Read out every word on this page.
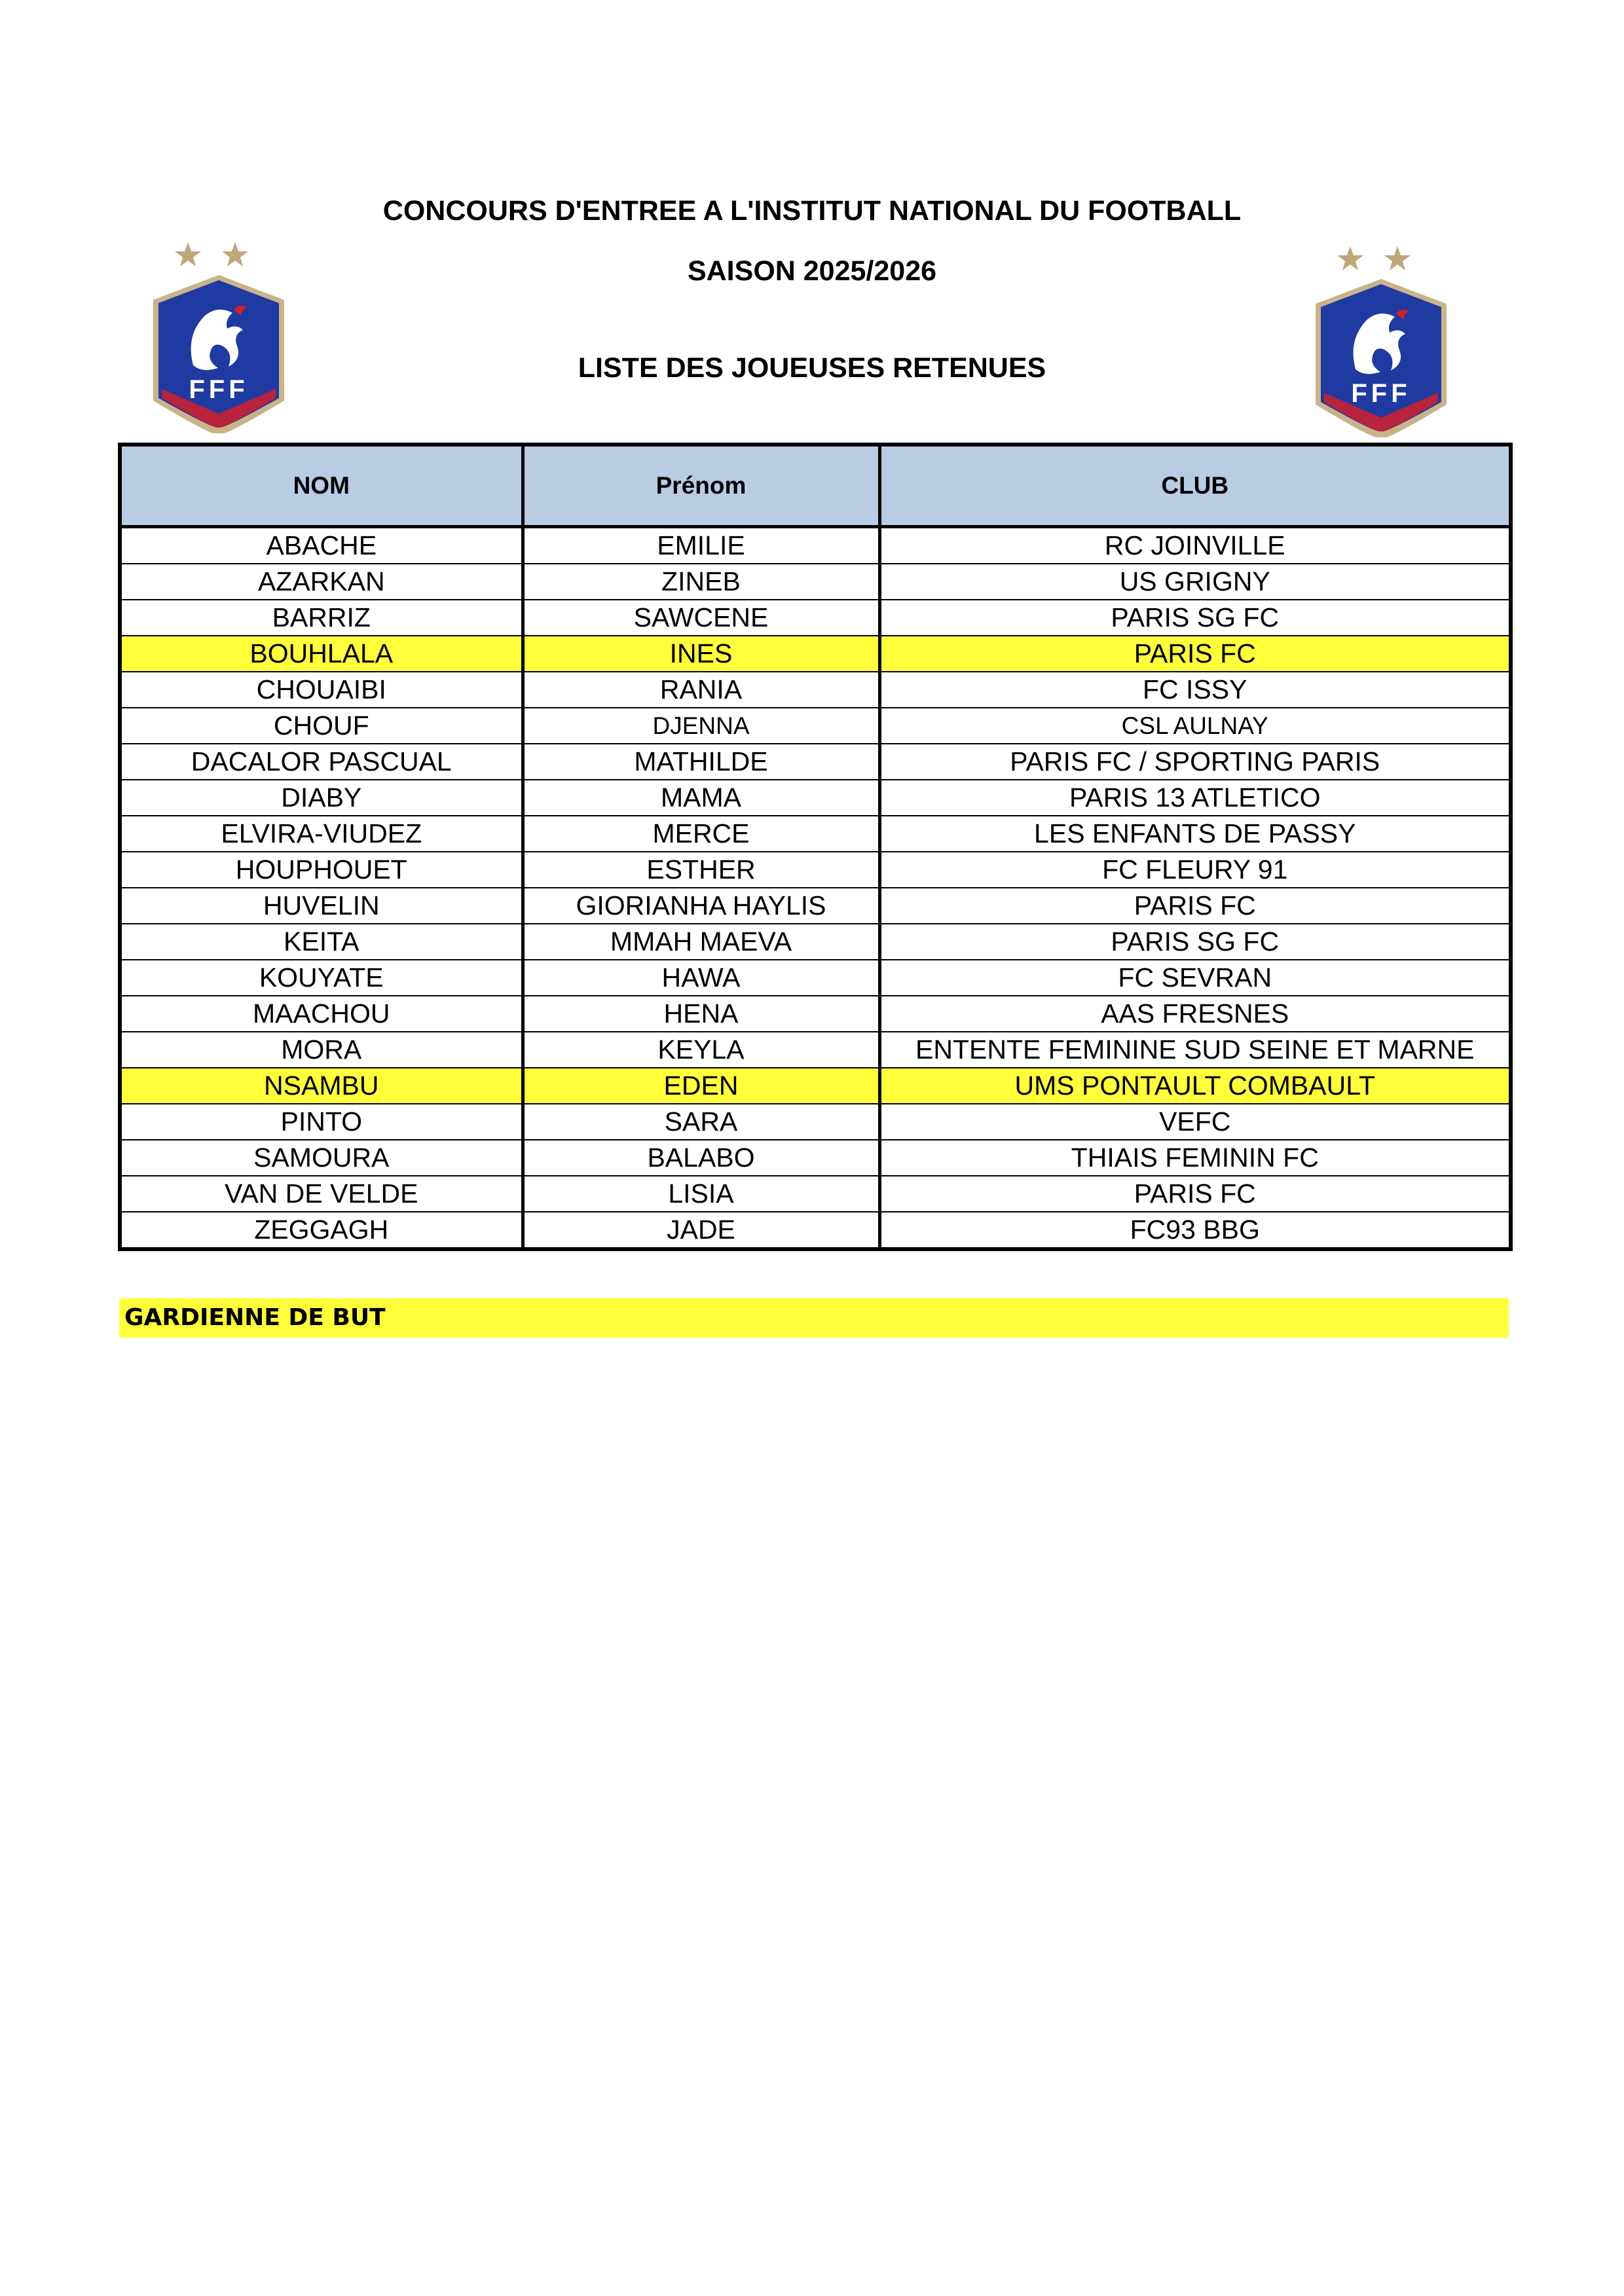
CONCOURS D'ENTREE A L'INSTITUT NATIONAL DU FOOTBALL
SAISON 2025/2026
LISTE DES JOUEUSES RETENUES
FFF	FFF
NOM	Prénom	CLUB
ABACHE	EMILIE	RC JOINVILLE
AZARKAN	ZINEB	US GRIGNY
BARRIZ	SAWCENE	PARIS SG FC
BOUHLALA	INES	PARIS FC
CHOUAIBI	RANIA	FC ISSY
CHOUF	DJENNA	CSL AULNAY
DACALOR PASCUAL	MATHILDE	PARIS FC / SPORTING PARIS
DIABY	MAMA	PARIS 13 ATLETICO
ELVIRA-VIUDEZ	MERCE	LES ENFANTS DE PASSY
HOUPHOUET	ESTHER	FC FLEURY 91
HUVELIN	GIORIANHA HAYLIS	PARIS FC
KEITA	MMAH MAEVA	PARIS SG FC
KOUYATE	HAWA	FC SEVRAN
MAACHOU	HENA	AAS FRESNES
MORA	KEYLA	ENTENTE FEMININE SUD SEINE ET MARNE
NSAMBU	EDEN	UMS PONTAULT COMBAULT
PINTO	SARA	VEFC
SAMOURA	BALABO	THIAIS FEMININ FC
VAN DE VELDE	LISIA	PARIS FC
ZEGGAGH	JADE	FC93 BBG
GARDIENNE DE BUT
